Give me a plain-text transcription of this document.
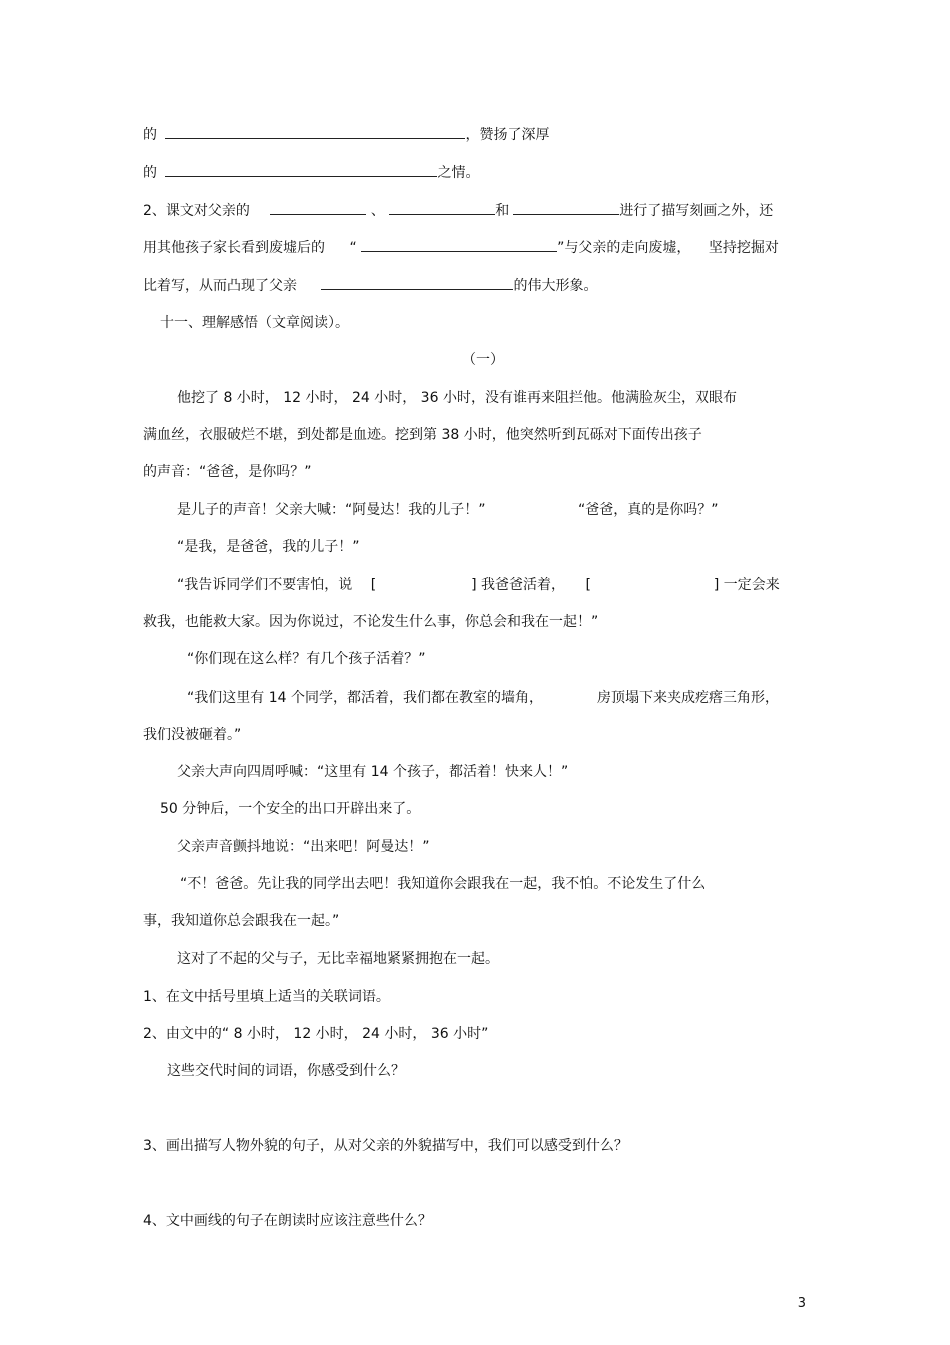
的	，赞扬了深厚
的	之情。
2、课文对父亲的	、	和	进行了描写刻画之外，还
用其他孩子家长看到废墟后的 “	”与父亲的走向废墟， 坚持挖掘对
比着写，从而凸现了父亲	的伟大形象。
十一、理解感悟（文章阅读）。
（一）
他挖了 8 小时， 12 小时， 24 小时， 36 小时，没有谁再来阻拦他。他满脸灰尘，双眼布
满血丝，衣服破烂不堪，到处都是血迹。挖到第 38 小时，他突然听到瓦砾对下面传出孩子
的声音：“爸爸，是你吗？”
是儿子的声音！父亲大喊：“阿曼达！我的儿子！”	“爸爸，真的是你吗？”
“是我，是爸爸，我的儿子！”
“我告诉同学们不要害怕，说 [	] 我爸爸活着， [	] 一定会来
救我，也能救大家。因为你说过，不论发生什么事，你总会和我在一起！”
“你们现在这么样？有几个孩子活着？”
“我们这里有 14 个同学，都活着，我们都在教室的墙角，	房顶塌下来夹成疙瘩三角形，
我们没被砸着。”
父亲大声向四周呼喊：“这里有 14 个孩子，都活着！快来人！”
50 分钟后，一个安全的出口开辟出来了。
父亲声音颤抖地说：“出来吧！阿曼达！”
“不！爸爸。先让我的同学出去吧！我知道你会跟我在一起，我不怕。不论发生了什么
事，我知道你总会跟我在一起。”
这对了不起的父与子，无比幸福地紧紧拥抱在一起。
1、在文中括号里填上适当的关联词语。
2、由文中的“ 8 小时， 12 小时， 24 小时， 36 小时”
这些交代时间的词语，你感受到什么？
3、画出描写人物外貌的句子，从对父亲的外貌描写中，我们可以感受到什么？
4、文中画线的句子在朗读时应该注意些什么？
3
